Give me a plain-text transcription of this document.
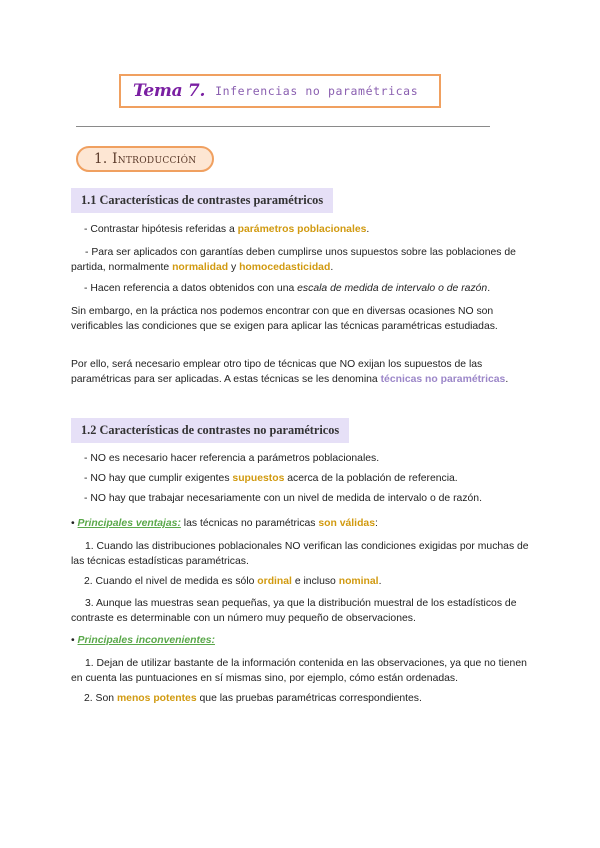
Tema 7. Inferencias no paramétricas
1. Introducción
1.1 Características de contrastes paramétricos

- Contrastar hipótesis referidas a parámetros poblacionales.

- Para ser aplicados con garantías deben cumplirse unos supuestos sobre las poblaciones de partida, normalmente normalidad y homocedasticidad.

- Hacen referencia a datos obtenidos con una escala de medida de intervalo o de razón.

Sin embargo, en la práctica nos podemos encontrar con que en diversas ocasiones NO son verificables las condiciones que se exigen para aplicar las técnicas paramétricas estudiadas.

Por ello, será necesario emplear otro tipo de técnicas que NO exijan los supuestos de las paramétricas para ser aplicadas. A estas técnicas se les denomina técnicas no paramétricas.

1.2 Características de contrastes no paramétricos

- NO es necesario hacer referencia a parámetros poblacionales.

- NO hay que cumplir exigentes supuestos acerca de la población de referencia.

- NO hay que trabajar necesariamente con un nivel de medida de intervalo o de razón.

• Principales ventajas: las técnicas no paramétricas son válidas:

1. Cuando las distribuciones poblacionales NO verifican las condiciones exigidas por muchas de las técnicas estadísticas paramétricas.

2. Cuando el nivel de medida es sólo ordinal e incluso nominal.

3. Aunque las muestras sean pequeñas, ya que la distribución muestral de los estadísticos de contraste es determinable con un número muy pequeño de observaciones.

• Principales inconvenientes:

1. Dejan de utilizar bastante de la información contenida en las observaciones, ya que no tienen en cuenta las puntuaciones en sí mismas sino, por ejemplo, cómo están ordenadas.

2. Son menos potentes que las pruebas paramétricas correspondientes.
